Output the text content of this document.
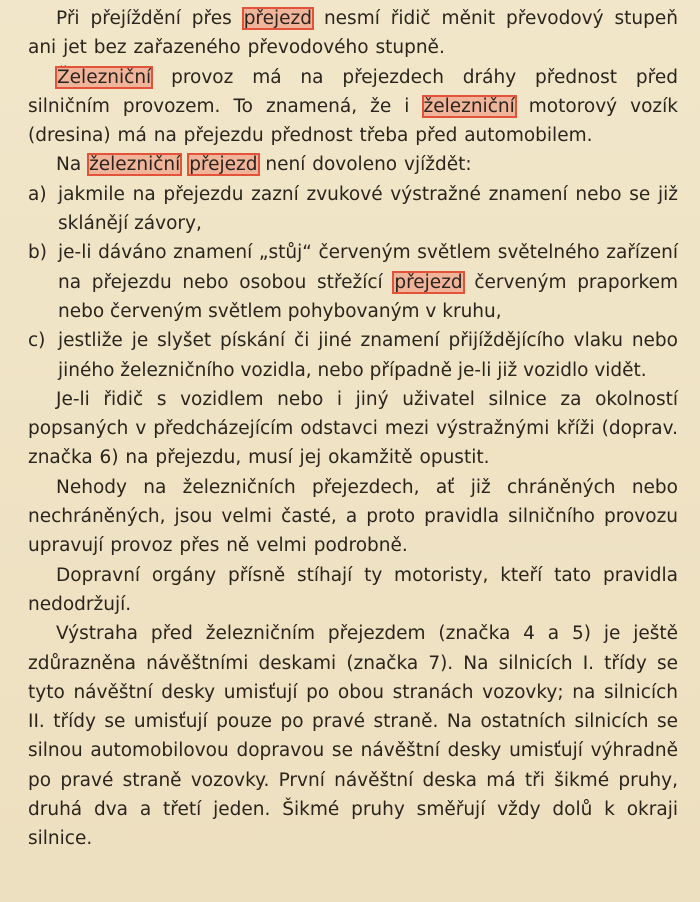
Při přejíždění přes přejezd nesmí řidič měnit převodový stupeň ani jet bez zařazeného převodového stupně.

Železniční provoz má na přejezdech dráhy přednost před silničním provozem. To znamená, že i železniční motorový vozík (dresina) má na přejezdu přednost třeba před automobilem.

Na železniční přejezd není dovoleno vjíždět:

a) jakmile na přejezdu zazní zvukové výstražné znamení nebo se již sklánějí závory,
b) je-li dáváno znamení „stůj“ červeným světlem světelného zařízení na přejezdu nebo osobou střežící přejezd červeným praporkem nebo červeným světlem pohybovaným v kruhu,
c) jestliže je slyšet pískání či jiné znamení přijíždějícího vlaku nebo jiného železničního vozidla, nebo případně je-li již vozidlo vidět.

Je-li řidič s vozidlem nebo i jiný uživatel silnice za okolností popsaných v předcházejícím odstavci mezi výstražnými kříži (doprav. značka 6) na přejezdu, musí jej okamžitě opustit.

Nehody na železničních přejezdech, ať již chráněných nebo nechráněných, jsou velmi časté, a proto pravidla silničního provozu upravují provoz přes ně velmi podrobně.

Dopravní orgány přísně stíhají ty motoristy, kteří tato pravidla nedodržují.

Výstraha před železničním přejezdem (značka 4 a 5) je ještě zdůrazněna návěštními deskami (značka 7). Na silnicích I. třídy se tyto návěštní desky umisťují po obou stranách vozovky; na silnicích II. třídy se umisťují pouze po pravé straně. Na ostatních silnicích se silnou automobilovou dopravou se návěštní desky umisťují výhradně po pravé straně vozovky. První návěštní deska má tři šikmé pruhy, druhá dva a třetí jeden. Šikmé pruhy směřují vždy dolů k okraji silnice.
